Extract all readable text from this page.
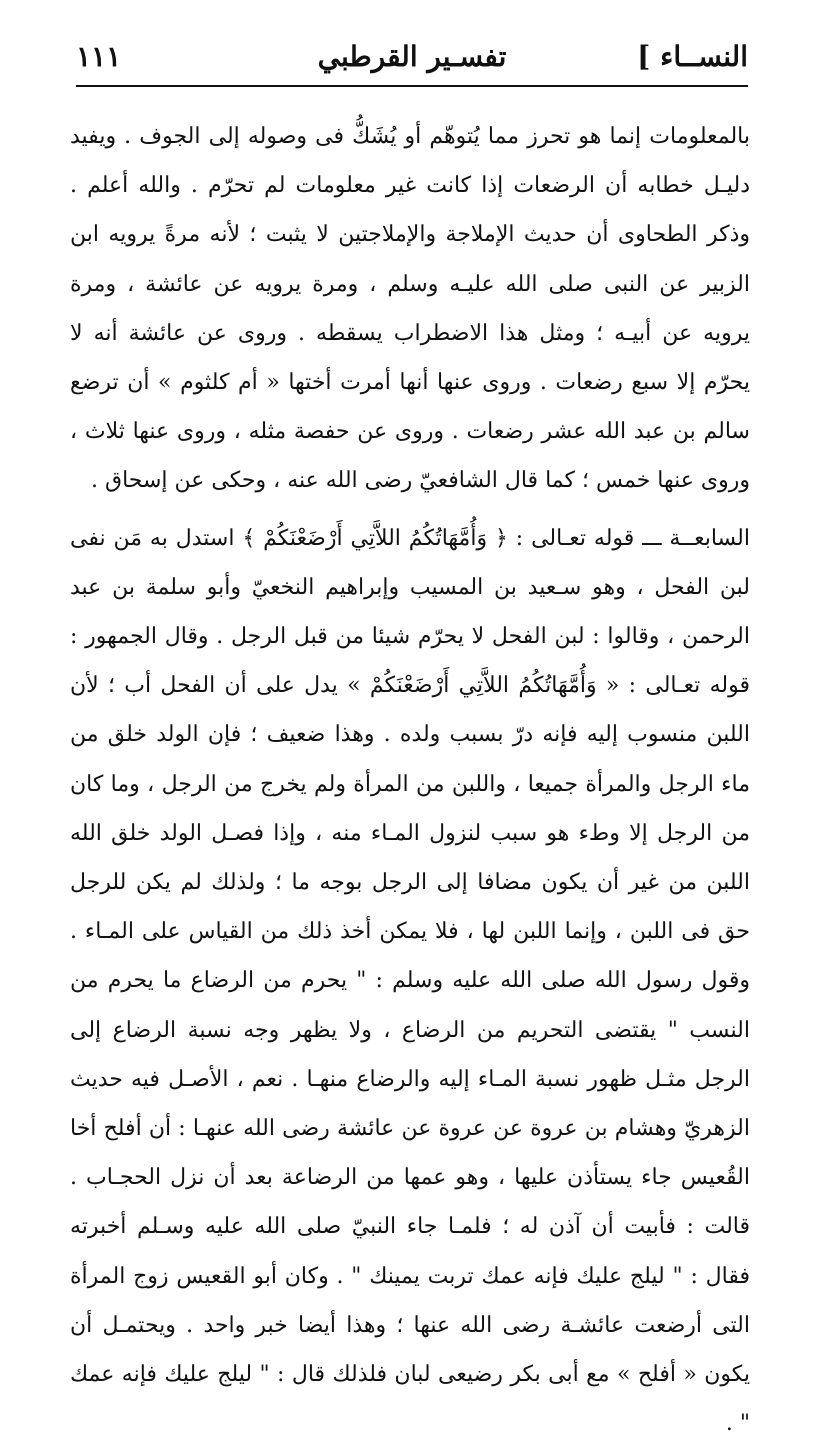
١١١	تفسـير القرطبي	النســاء ]

بالمعلومات إنما هو تحرز مما يُتوهّم أو يُشَكُّ فى وصوله إلى الجوف . ويفيد دليـل خطابه أن الرضعات إذا كانت غير معلومات لم تحرّم . والله أعلم . وذكر الطحاوى أن حديث الإملاجة والإملاجتين لا يثبت ؛ لأنه مرةً يرويه ابن الزبير عن النبى صلى الله عليـه وسلم ، ومرة يرويه عن عائشة ، ومرة يرويه عن أبيـه ؛ ومثل هذا الاضطراب يسقطه . وروى عن عائشة أنه لا يحرّم إلا سبع رضعات . وروى عنها أنها أمرت أختها « أم كلثوم » أن ترضع سالم بن عبد الله عشر رضعات . وروى عن حفصة مثله ، وروى عنها ثلاث ، وروى عنها خمس ؛ كما قال الشافعيّ رضى الله عنه ، وحكى عن إسحاق .

السابعــة ـــ قوله تعـالى : ﴿ وَأُمَّهَاتُكُمُ اللاَّتِي أَرْضَعْنَكُمْ ﴾ استدل به مَن نفى لبن الفحل ، وهو سـعيد بن المسيب وإبراهيم النخعيّ وأبو سلمة بن عبد الرحمن ، وقالوا : لبن الفحل لا يحرّم شيئا من قبل الرجل . وقال الجمهور : قوله تعـالى : « وَأُمَّهَاتُكُمُ اللاَّتِي أَرْضَعْنَكُمْ » يدل على أن الفحل أب ؛ لأن اللبن منسوب إليه فإنه درّ بسبب ولده . وهذا ضعيف ؛ فإن الولد خلق من ماء الرجل والمرأة جميعا ، واللبن من المرأة ولم يخرج من الرجل ، وما كان من الرجل إلا وطء هو سبب لنزول المـاء منه ، وإذا فصـل الولد خلق الله اللبن من غير أن يكون مضافا إلى الرجل بوجه ما ؛ ولذلك لم يكن للرجل حق فى اللبن ، وإنما اللبن لها ، فلا يمكن أخذ ذلك من القياس على المـاء . وقول رسول الله صلى الله عليه وسلم : " يحرم من الرضاع ما يحرم من النسب " يقتضى التحريم من الرضاع ، ولا يظهر وجه نسبة الرضاع إلى الرجل مثـل ظهور نسبة المـاء إليه والرضاع منهـا . نعم ، الأصـل فيه حديث الزهريّ وهشام بن عروة عن عروة عن عائشة رضى الله عنهـا : أن أفلح أخا القُعيس جاء يستأذن عليها ، وهو عمها من الرضاعة بعد أن نزل الحجـاب . قالت : فأبيت أن آذن له ؛ فلمـا جاء النبيّ صلى الله عليه وسـلم أخبرته فقال : " ليلج عليك فإنه عمك تربت يمينك " . وكان أبو القعيس زوج المرأة التى أرضعت عائشـة رضى الله عنها ؛ وهذا أيضا خبر واحد . ويحتمـل أن يكون « أفلح » مع أبى بكر رضيعى لبان فلذلك قال : " ليلج عليك فإنه عمك " .
